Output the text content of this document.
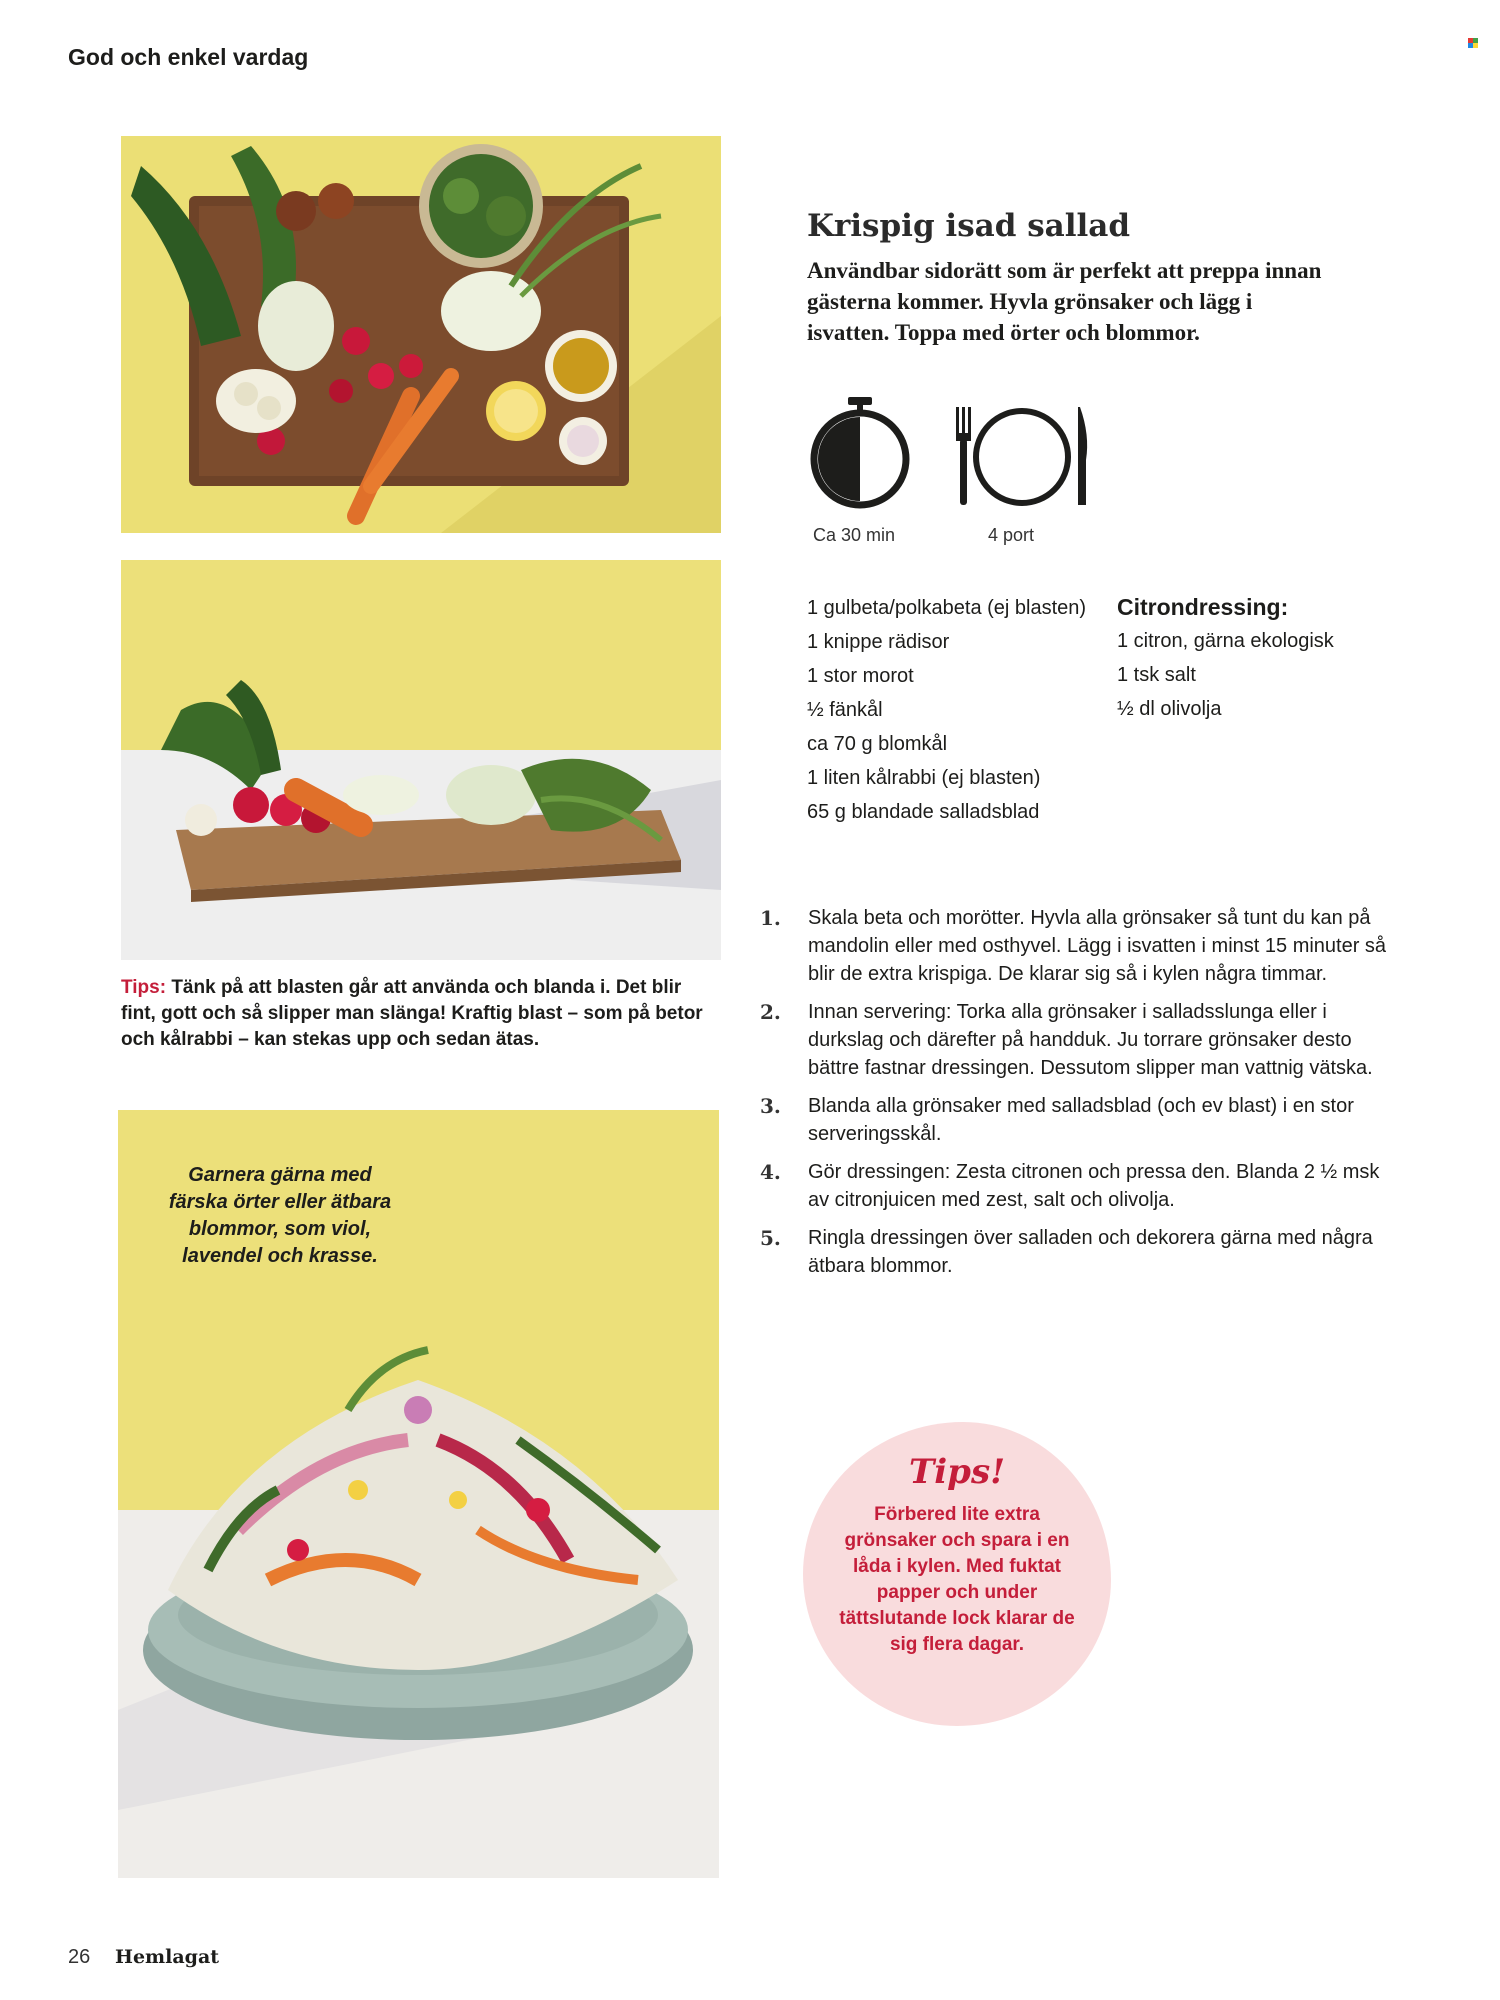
God och enkel vardag
Tips: Tänk på att blasten går att använda och blanda i. Det blir fint, gott och så slipper man slänga! Kraftig blast – som på betor och kålrabbi – kan stekas upp och sedan ätas.
Garnera gärna med färska örter eller ätbara blommor, som viol, lavendel och krasse.
Krispig isad sallad
Användbar sidorätt som är perfekt att preppa innan gästerna kommer. Hyvla grönsaker och lägg i isvatten. Toppa med örter och blommor.
Ca 30 min	4 port
1 gulbeta/polkabeta (ej blasten)
1 knippe rädisor
1 stor morot
½ fänkål
ca 70 g blomkål
1 liten kålrabbi (ej blasten)
65 g blandade salladsblad
Citrondressing:
1 citron, gärna ekologisk
1 tsk salt
½ dl olivolja
1. Skala beta och morötter. Hyvla alla grönsaker så tunt du kan på mandolin eller med osthyvel. Lägg i isvatten i minst 15 minuter så blir de extra krispiga. De klarar sig så i kylen några timmar.
2. Innan servering: Torka alla grönsaker i salladsslunga eller i durkslag och därefter på handduk. Ju torrare grönsaker desto bättre fastnar dressingen. Dessutom slipper man vattnig vätska.
3. Blanda alla grönsaker med salladsblad (och ev blast) i en stor serveringsskål.
4. Gör dressingen: Zesta citronen och pressa den. Blanda 2 ½ msk av citronjuicen med zest, salt och olivolja.
5. Ringla dressingen över salladen och dekorera gärna med några ätbara blommor.
Tips!
Förbered lite extra grönsaker och spara i en låda i kylen. Med fuktat papper och under tättslutande lock klarar de sig flera dagar.
26 Hemlagat
